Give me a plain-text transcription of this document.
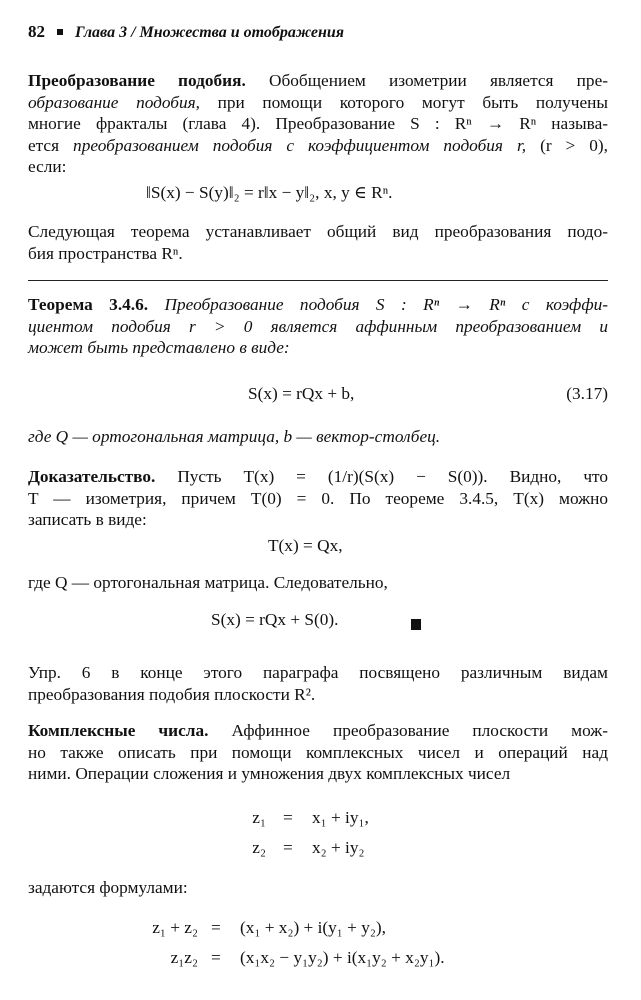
82 Глава 3 / Множества и отображения
Преобразование подобия. Обобщением изометрии является пре-
образование подобия, при помощи которого могут быть получены
многие фракталы (глава 4). Преобразование S : Rⁿ → Rⁿ называ-
ется преобразованием подобия с коэффициентом подобия r, (r > 0),
если:
‖S(x) − S(y)‖₂ = r‖x − y‖₂, x, y ∈ Rⁿ.
Следующая теорема устанавливает общий вид преобразования подо-
бия пространства Rⁿ.
Теорема 3.4.6. Преобразование подобия S : Rⁿ → Rⁿ с коэффи-
циентом подобия r > 0 является аффинным преобразованием и
может быть представлено в виде:
S(x) = rQx + b,	(3.17)
где Q — ортогональная матрица, b — вектор-столбец.
Доказательство. Пусть T(x) = (1/r)(S(x) − S(0)). Видно, что
T — изометрия, причем T(0) = 0. По теореме 3.4.5, T(x) можно
записать в виде:
T(x) = Qx,
где Q — ортогональная матрица. Следовательно,
S(x) = rQx + S(0).
Упр. 6 в конце этого параграфа посвящено различным видам
преобразования подобия плоскости R².
Комплексные числа. Аффинное преобразование плоскости мож-
но также описать при помощи комплексных чисел и операций над
ними. Операции сложения и умножения двух комплексных чисел
z₁ = x₁ + iy₁,
z₂ = x₂ + iy₂
задаются формулами:
z₁ + z₂ = (x₁ + x₂) + i(y₁ + y₂),
z₁z₂ = (x₁x₂ − y₁y₂) + i(x₁y₂ + x₂y₁).
